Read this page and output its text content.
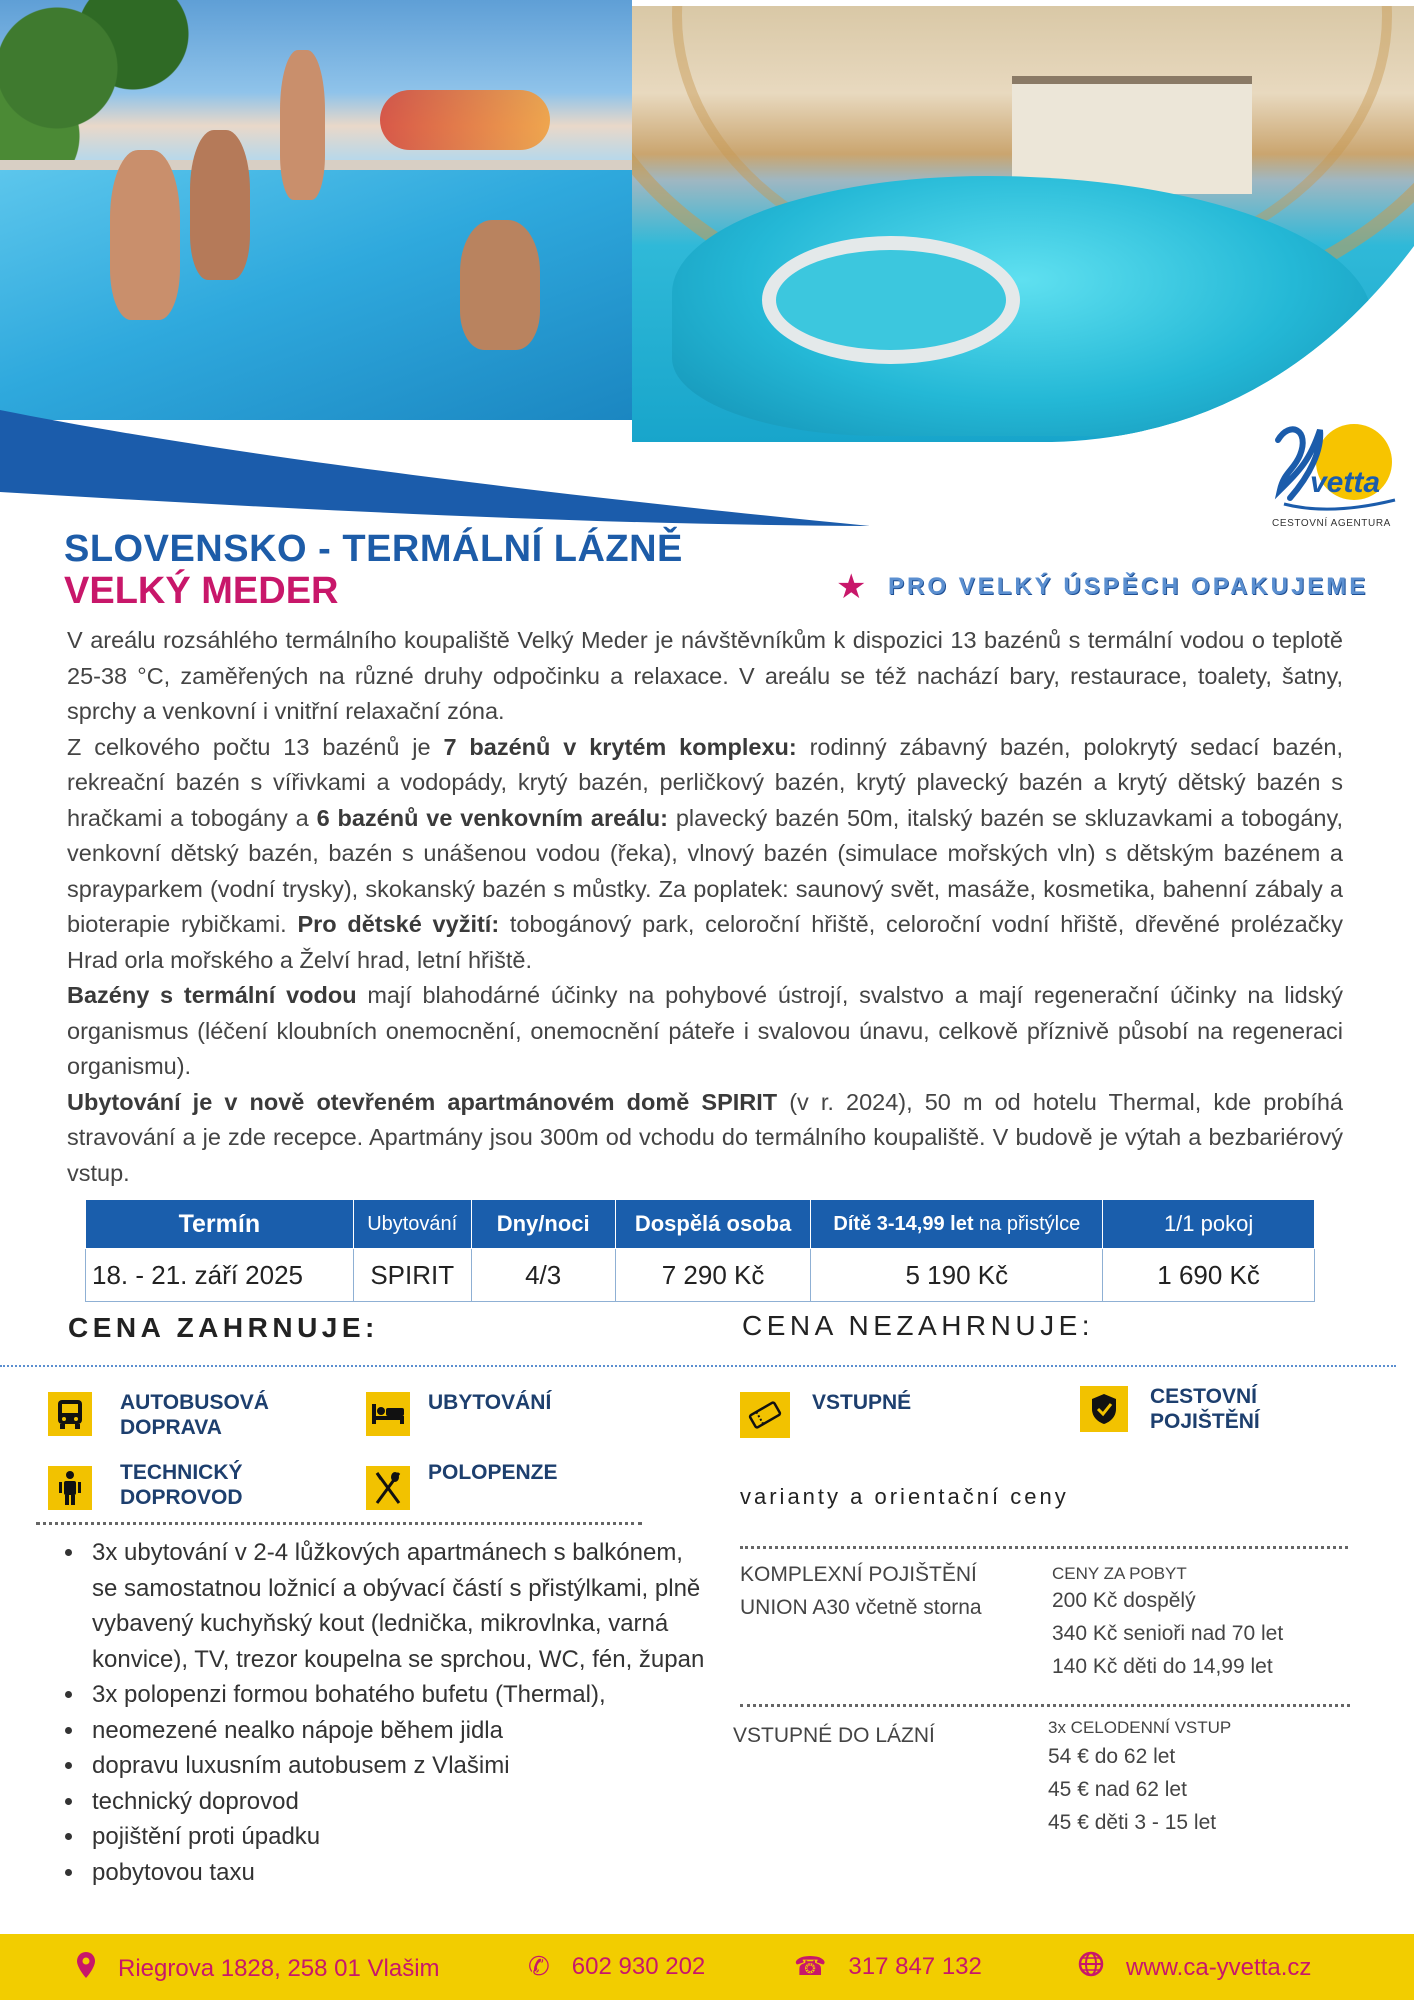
vetta
CESTOVNÍ AGENTURA
SLOVENSKO - TERMÁLNÍ LÁZNĚ
VELKÝ MEDER	★ PRO VELKÝ ÚSPĚCH OPAKUJEME

V areálu rozsáhlého termálního koupaliště Velký Meder je návštěvníkům k dispozici 13 bazénů s termální vodou o teplotě 25-38 °C, zaměřených na různé druhy odpočinku a relaxace. V areálu se též nachází bary, restaurace, toalety, šatny, sprchy a venkovní i vnitřní relaxační zóna.

Z celkového počtu 13 bazénů je 7 bazénů v krytém komplexu: rodinný zábavný bazén, polokrytý sedací bazén, rekreační bazén s vířivkami a vodopády, krytý bazén, perličkový bazén, krytý plavecký bazén a krytý dětský bazén s hračkami a tobogány a 6 bazénů ve venkovním areálu: plavecký bazén 50m, italský bazén se skluzavkami a tobogány, venkovní dětský bazén, bazén s unášenou vodou (řeka), vlnový bazén (simulace mořských vln) s dětským bazénem a sprayparkem (vodní trysky), skokanský bazén s můstky. Za poplatek: saunový svět, masáže, kosmetika, bahenní zábaly a bioterapie rybičkami. Pro dětské vyžití: tobogánový park, celoroční hřiště, celoroční vodní hřiště, dřevěné prolézačky Hrad orla mořského a Želví hrad, letní hřiště.

Bazény s termální vodou mají blahodárné účinky na pohybové ústrojí, svalstvo a mají regenerační účinky na lidský organismus (léčení kloubních onemocnění, onemocnění páteře i svalovou únavu, celkově příznivě působí na regeneraci organismu).

Ubytování je v nově otevřeném apartmánovém domě SPIRIT (v r. 2024), 50 m od hotelu Thermal, kde probíhá stravování a je zde recepce. Apartmány jsou 300m od vchodu do termálního koupaliště. V budově je výtah a bezbariérový vstup.

Termín	Ubytování	Dny/noci	Dospělá osoba	Dítě 3-14,99 let na přistýlce	1/1 pokoj
18. - 21. září 2025	SPIRIT	4/3	7 290 Kč	5 190 Kč	1 690 Kč
CENA ZAHRNUJE:	CENA NEZAHRNUJE:
AUTOBUSOVÁ DOPRAVA
UBYTOVÁNÍ
TECHNICKÝ DOPROVOD
POLOPENZE
• 3x ubytování v 2-4 lůžkových apartmánech s balkónem, se samostatnou ložnicí a obývací částí s přistýlkami, plně vybavený kuchyňský kout (lednička, mikrovlnka, varná konvice), TV, trezor koupelna se sprchou, WC, fén, župan
• 3x polopenzi formou bohatého bufetu (Thermal),
• neomezené nealko nápoje během jidla
• dopravu luxusním autobusem z Vlašimi
• technický doprovod
• pojištění proti úpadku
• pobytovou taxu
VSTUPNÉ	CESTOVNÍ POJIŠTĚNÍ
varianty a orientační ceny
KOMPLEXNÍ POJIŠTĚNÍ
UNION A30 včetně storna
CENY ZA POBYT
200 Kč dospělý
340 Kč senioři nad 70 let
140 Kč děti do 14,99 let
VSTUPNÉ DO LÁZNÍ	3x CELODENNÍ VSTUP
54 € do 62 let
45 € nad 62 let
45 € děti 3 - 15 let
Riegrova 1828, 258 01 Vlašim	✆ 602 930 202	☎ 317 847 132	www.ca-yvetta.cz
